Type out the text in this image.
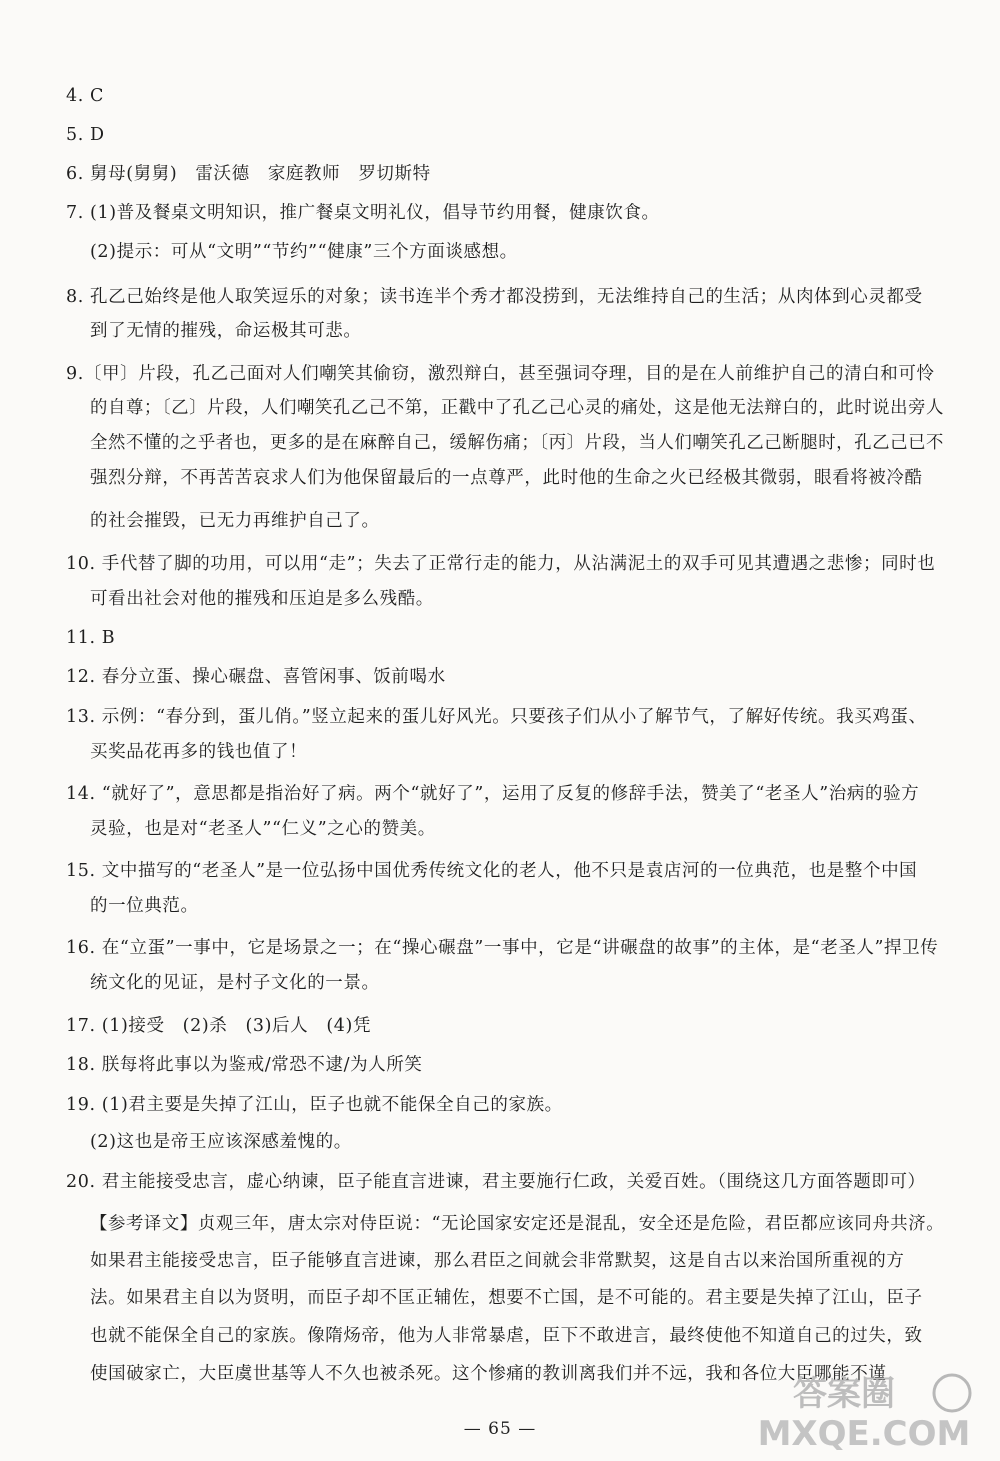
4. C
5. D
6. 舅母(舅舅)　雷沃德　家庭教师　罗切斯特
7. (1)普及餐桌文明知识，推广餐桌文明礼仪，倡导节约用餐，健康饮食。
(2)提示：可从“文明”“节约”“健康”三个方面谈感想。
8. 孔乙己始终是他人取笑逗乐的对象；读书连半个秀才都没捞到，无法维持自己的生活；从肉体到心灵都受
到了无情的摧残，命运极其可悲。
9.〔甲〕片段，孔乙己面对人们嘲笑其偷窃，激烈辩白，甚至强词夺理，目的是在人前维护自己的清白和可怜
的自尊；〔乙〕片段，人们嘲笑孔乙己不第，正戳中了孔乙己心灵的痛处，这是他无法辩白的，此时说出旁人
全然不懂的之乎者也，更多的是在麻醉自己，缓解伤痛；〔丙〕片段，当人们嘲笑孔乙己断腿时，孔乙己已不
强烈分辩，不再苦苦哀求人们为他保留最后的一点尊严，此时他的生命之火已经极其微弱，眼看将被冷酷
的社会摧毁，已无力再维护自己了。
10. 手代替了脚的功用，可以用“走”；失去了正常行走的能力，从沾满泥土的双手可见其遭遇之悲惨；同时也
可看出社会对他的摧残和压迫是多么残酷。
11. B
12. 春分立蛋、操心碾盘、喜管闲事、饭前喝水
13. 示例：“春分到，蛋儿俏。”竖立起来的蛋儿好风光。只要孩子们从小了解节气，了解好传统。我买鸡蛋、
买奖品花再多的钱也值了！
14. “就好了”，意思都是指治好了病。两个“就好了”，运用了反复的修辞手法，赞美了“老圣人”治病的验方
灵验，也是对“老圣人”“仁义”之心的赞美。
15. 文中描写的“老圣人”是一位弘扬中国优秀传统文化的老人，他不只是袁店河的一位典范，也是整个中国
的一位典范。
16. 在“立蛋”一事中，它是场景之一；在“操心碾盘”一事中，它是“讲碾盘的故事”的主体，是“老圣人”捍卫传
统文化的见证，是村子文化的一景。
17. (1)接受　(2)杀　(3)后人　(4)凭
18. 朕每将此事以为鉴戒/常恐不逮/为人所笑
19. (1)君主要是失掉了江山，臣子也就不能保全自己的家族。
(2)这也是帝王应该深感羞愧的。
20. 君主能接受忠言，虚心纳谏，臣子能直言进谏，君主要施行仁政，关爱百姓。（围绕这几方面答题即可）
【参考译文】贞观三年，唐太宗对侍臣说：“无论国家安定还是混乱，安全还是危险，君臣都应该同舟共济。
如果君主能接受忠言，臣子能够直言进谏，那么君臣之间就会非常默契，这是自古以来治国所重视的方
法。如果君主自以为贤明，而臣子却不匡正辅佐，想要不亡国，是不可能的。君主要是失掉了江山，臣子
也就不能保全自己的家族。像隋炀帝，他为人非常暴虐，臣下不敢进言，最终使他不知道自己的过失，致
使国破家亡，大臣虞世基等人不久也被杀死。这个惨痛的教训离我们并不远，我和各位大臣哪能不谨
— 65 —
答案圈
MXQE.COM
